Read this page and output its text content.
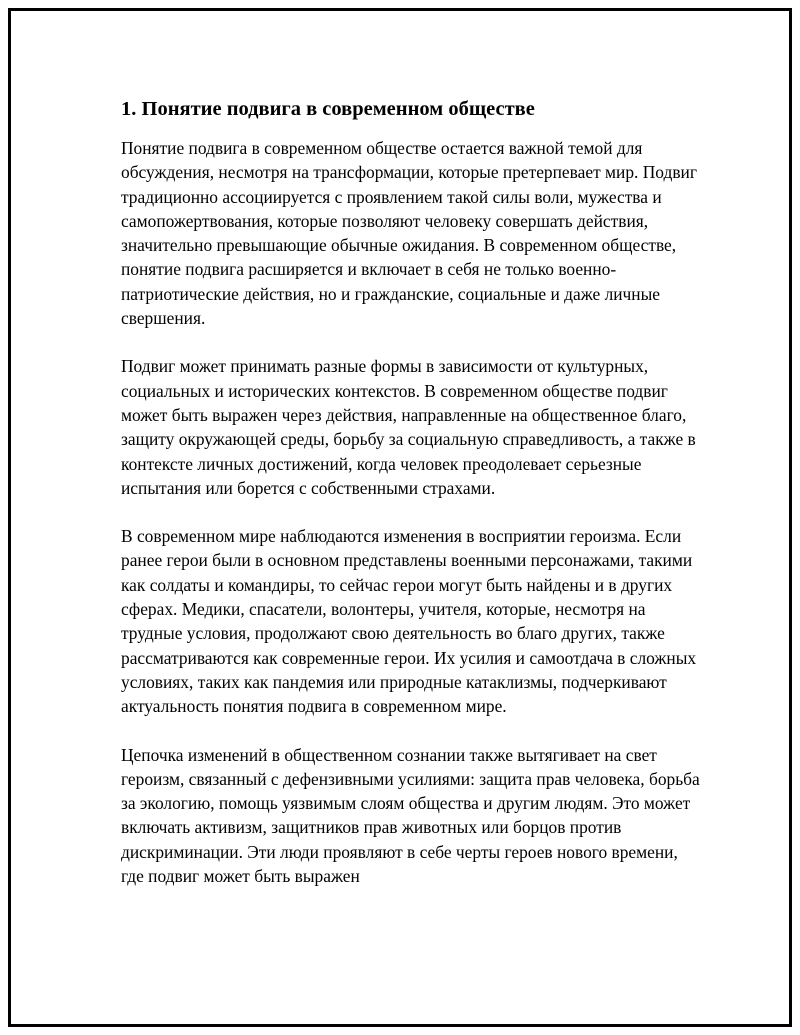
1. Понятие подвига в современном обществе

Понятие подвига в современном обществе остается важной темой для обсуждения, несмотря на трансформации, которые претерпевает мир. Подвиг традиционно ассоциируется с проявлением такой силы воли, мужества и самопожертвования, которые позволяют человеку совершать действия, значительно превышающие обычные ожидания. В современном обществе, понятие подвига расширяется и включает в себя не только военно-патриотические действия, но и гражданские, социальные и даже личные свершения.

Подвиг может принимать разные формы в зависимости от культурных, социальных и исторических контекстов. В современном обществе подвиг может быть выражен через действия, направленные на общественное благо, защиту окружающей среды, борьбу за социальную справедливость, а также в контексте личных достижений, когда человек преодолевает серьезные испытания или борется с собственными страхами.

В современном мире наблюдаются изменения в восприятии героизма. Если ранее герои были в основном представлены военными персонажами, такими как солдаты и командиры, то сейчас герои могут быть найдены и в других сферах. Медики, спасатели, волонтеры, учителя, которые, несмотря на трудные условия, продолжают свою деятельность во благо других, также рассматриваются как современные герои. Их усилия и самоотдача в сложных условиях, таких как пандемия или природные катаклизмы, подчеркивают актуальность понятия подвига в современном мире.

Цепочка изменений в общественном сознании также вытягивает на свет героизм, связанный с дефензивными усилиями: защита прав человека, борьба за экологию, помощь уязвимым слоям общества и другим людям. Это может включать активизм, защитников прав животных или борцов против дискриминации. Эти люди проявляют в себе черты героев нового времени, где подвиг может быть выражен
